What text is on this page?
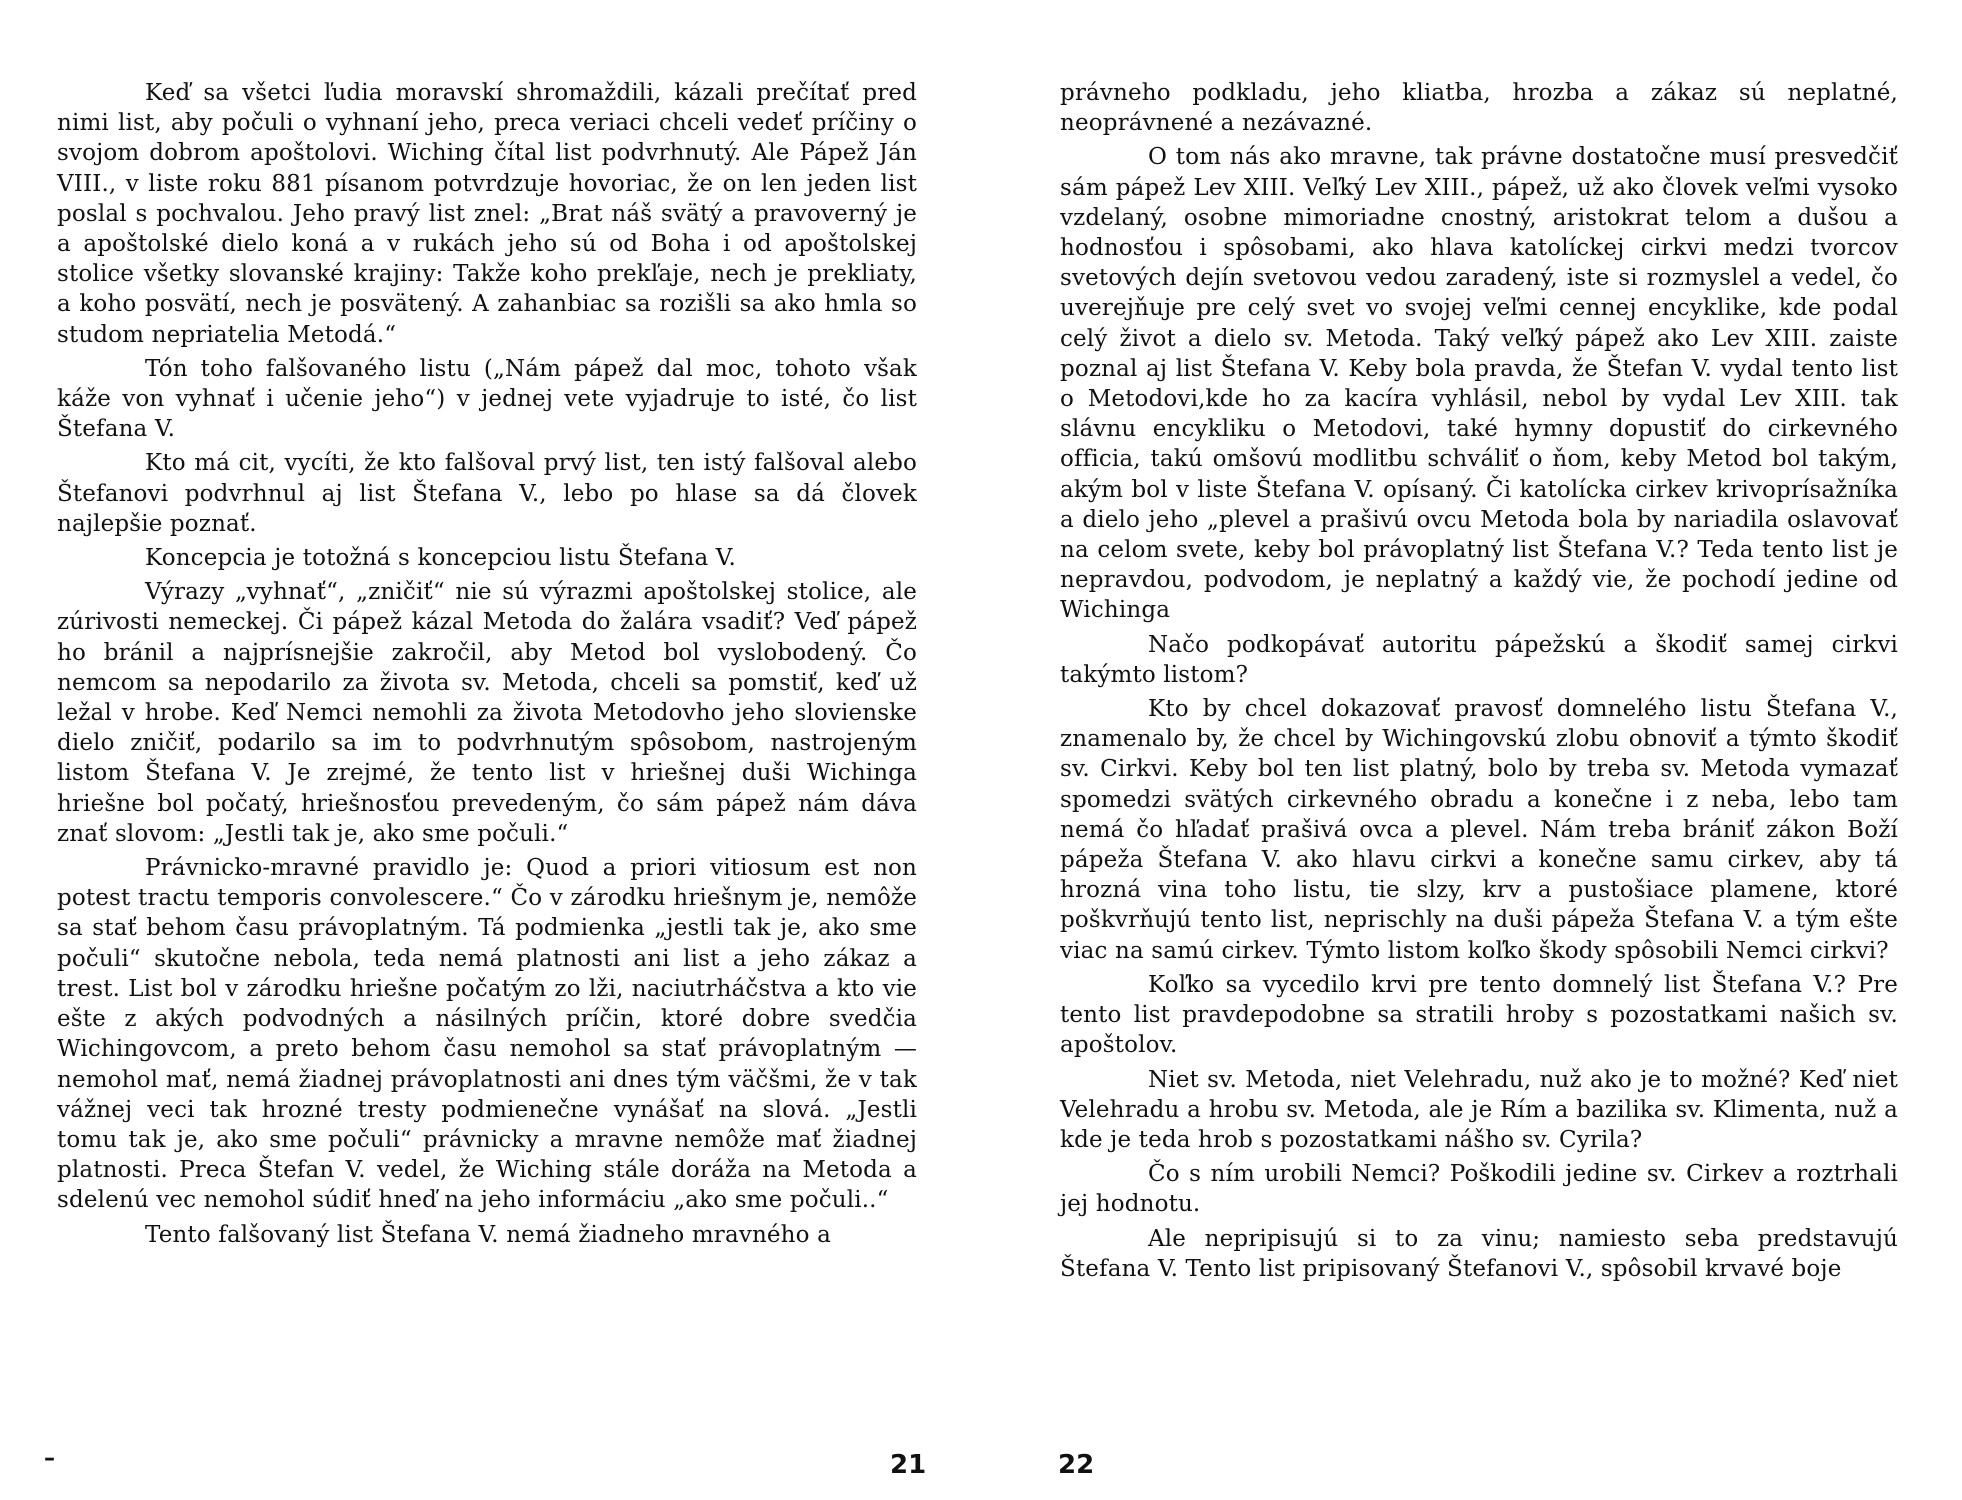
Keď sa všetci ľudia moravskí shromaždili, kázali prečítať pred nimi list, aby počuli o vyhnaní jeho, preca veriaci chceli vedeť príčiny o svojom dobrom apoštolovi. Wiching čítal list podvrhnutý. Ale Pápež Ján VIII., v liste roku 881 písanom potvrdzuje hovoriac, že on len jeden list poslal s pochvalou. Jeho pravý list znel: „Brat náš svätý a pravoverný je a apoštolské dielo koná a v rukách jeho sú od Boha i od apoštolskej stolice všetky slovanské krajiny: Takže koho prekľaje, nech je prekliaty, a koho posvätí, nech je posvätený. A zahanbiac sa rozišli sa ako hmla so studom nepriatelia Metodá.“

Tón toho falšovaného listu („Nám pápež dal moc, tohoto však káže von vyhnať i učenie jeho“) v jednej vete vyjadruje to isté, čo list Štefana V.

Kto má cit, vycíti, že kto falšoval prvý list, ten istý falšoval alebo Štefanovi podvrhnul aj list Štefana V., lebo po hlase sa dá človek najlepšie poznať.

Koncepcia je totožná s koncepciou listu Štefana V.

Výrazy „vyhnať“, „zničiť“ nie sú výrazmi apoštolskej stolice, ale zúrivosti nemeckej. Či pápež kázal Metoda do žalára vsadiť? Veď pápež ho bránil a najprísnejšie zakročil, aby Metod bol vyslobodený. Čo nemcom sa nepodarilo za života sv. Metoda, chceli sa pomstiť, keď už ležal v hrobe. Keď Nemci nemohli za života Metodovho jeho slovienske dielo zničiť, podarilo sa im to podvrhnutým spôsobom, nastrojeným listom Štefana V. Je zrejmé, že tento list v hriešnej duši Wichinga hriešne bol počatý, hriešnosťou prevedeným, čo sám pápež nám dáva znať slovom: „Jestli tak je, ako sme počuli.“

Právnicko-mravné pravidlo je: Quod a priori vitiosum est non potest tractu temporis convolescere.“ Čo v zárodku hriešnym je, nemôže sa stať behom času právoplatným. Tá podmienka „jestli tak je, ako sme počuli“ skutočne nebola, teda nemá platnosti ani list a jeho zákaz a trest. List bol v zárodku hriešne počatým zo lži, naciutrháčstva a kto vie ešte z akých podvodných a násilných príčin, ktoré dobre svedčia Wichingovcom, a preto behom času nemohol sa stať právoplatným — nemohol mať, nemá žiadnej právoplatnosti ani dnes tým väčšmi, že v tak vážnej veci tak hrozné tresty podmienečne vynášať na slová. „Jestli tomu tak je, ako sme počuli“ právnicky a mravne nemôže mať žiadnej platnosti. Preca Štefan V. vedel, že Wiching stále doráža na Metoda a sdelenú vec nemohol súdiť hneď na jeho informáciu „ako sme počuli..“

Tento falšovaný list Štefana V. nemá žiadneho mravného a

–	21

právneho podkladu, jeho kliatba, hrozba a zákaz sú neplatné, neoprávnené a nezávazné.

O tom nás ako mravne, tak právne dostatočne musí presvedčiť sám pápež Lev XIII. Veľký Lev XIII., pápež, už ako človek veľmi vysoko vzdelaný, osobne mimoriadne cnostný, aristokrat telom a dušou a hodnosťou i spôsobami, ako hlava katolíckej cirkvi medzi tvorcov svetových dejín svetovou vedou zaradený, iste si rozmyslel a vedel, čo uverejňuje pre celý svet vo svojej veľmi cennej encyklike, kde podal celý život a dielo sv. Metoda. Taký veľký pápež ako Lev XIII. zaiste poznal aj list Štefana V. Keby bola pravda, že Štefan V. vydal tento list o Metodovi,kde ho za kacíra vyhlásil, nebol by vydal Lev XIII. tak slávnu encykliku o Metodovi, také hymny dopustiť do cirkevného officia, takú omšovú modlitbu schváliť o ňom, keby Metod bol takým, akým bol v liste Štefana V. opísaný. Či katolícka cirkev krivoprísažníka a dielo jeho „plevel a prašivú ovcu Metoda bola by nariadila oslavovať na celom svete, keby bol právoplatný list Štefana V.? Teda tento list je nepravdou, podvodom, je neplatný a každý vie, že pochodí jedine od Wichinga

Načo podkopávať autoritu pápežskú a škodiť samej cirkvi takýmto listom?

Kto by chcel dokazovať pravosť domnelého listu Štefana V., znamenalo by, že chcel by Wichingovskú zlobu obnoviť a týmto škodiť sv. Cirkvi. Keby bol ten list platný, bolo by treba sv. Metoda vymazať spomedzi svätých cirkevného obradu a konečne i z neba, lebo tam nemá čo hľadať prašivá ovca a plevel. Nám treba brániť zákon Boží pápeža Štefana V. ako hlavu cirkvi a konečne samu cirkev, aby tá hrozná vina toho listu, tie slzy, krv a pustošiace plamene, ktoré poškvrňujú tento list, neprischly na duši pápeža Štefana V. a tým ešte viac na samú cirkev. Týmto listom koľko škody spôsobili Nemci cirkvi?

Koľko sa vycedilo krvi pre tento domnelý list Štefana V.? Pre tento list pravdepodobne sa stratili hroby s pozostatkami našich sv. apoštolov.

Niet sv. Metoda, niet Velehradu, nuž ako je to možné? Keď niet Velehradu a hrobu sv. Metoda, ale je Rím a bazilika sv. Klimenta, nuž a kde je teda hrob s pozostatkami nášho sv. Cyrila?

Čo s ním urobili Nemci? Poškodili jedine sv. Cirkev a roztrhali jej hodnotu.

Ale nepripisujú si to za vinu; namiesto seba predstavujú Štefana V. Tento list pripisovaný Štefanovi V., spôsobil krvavé boje

22
